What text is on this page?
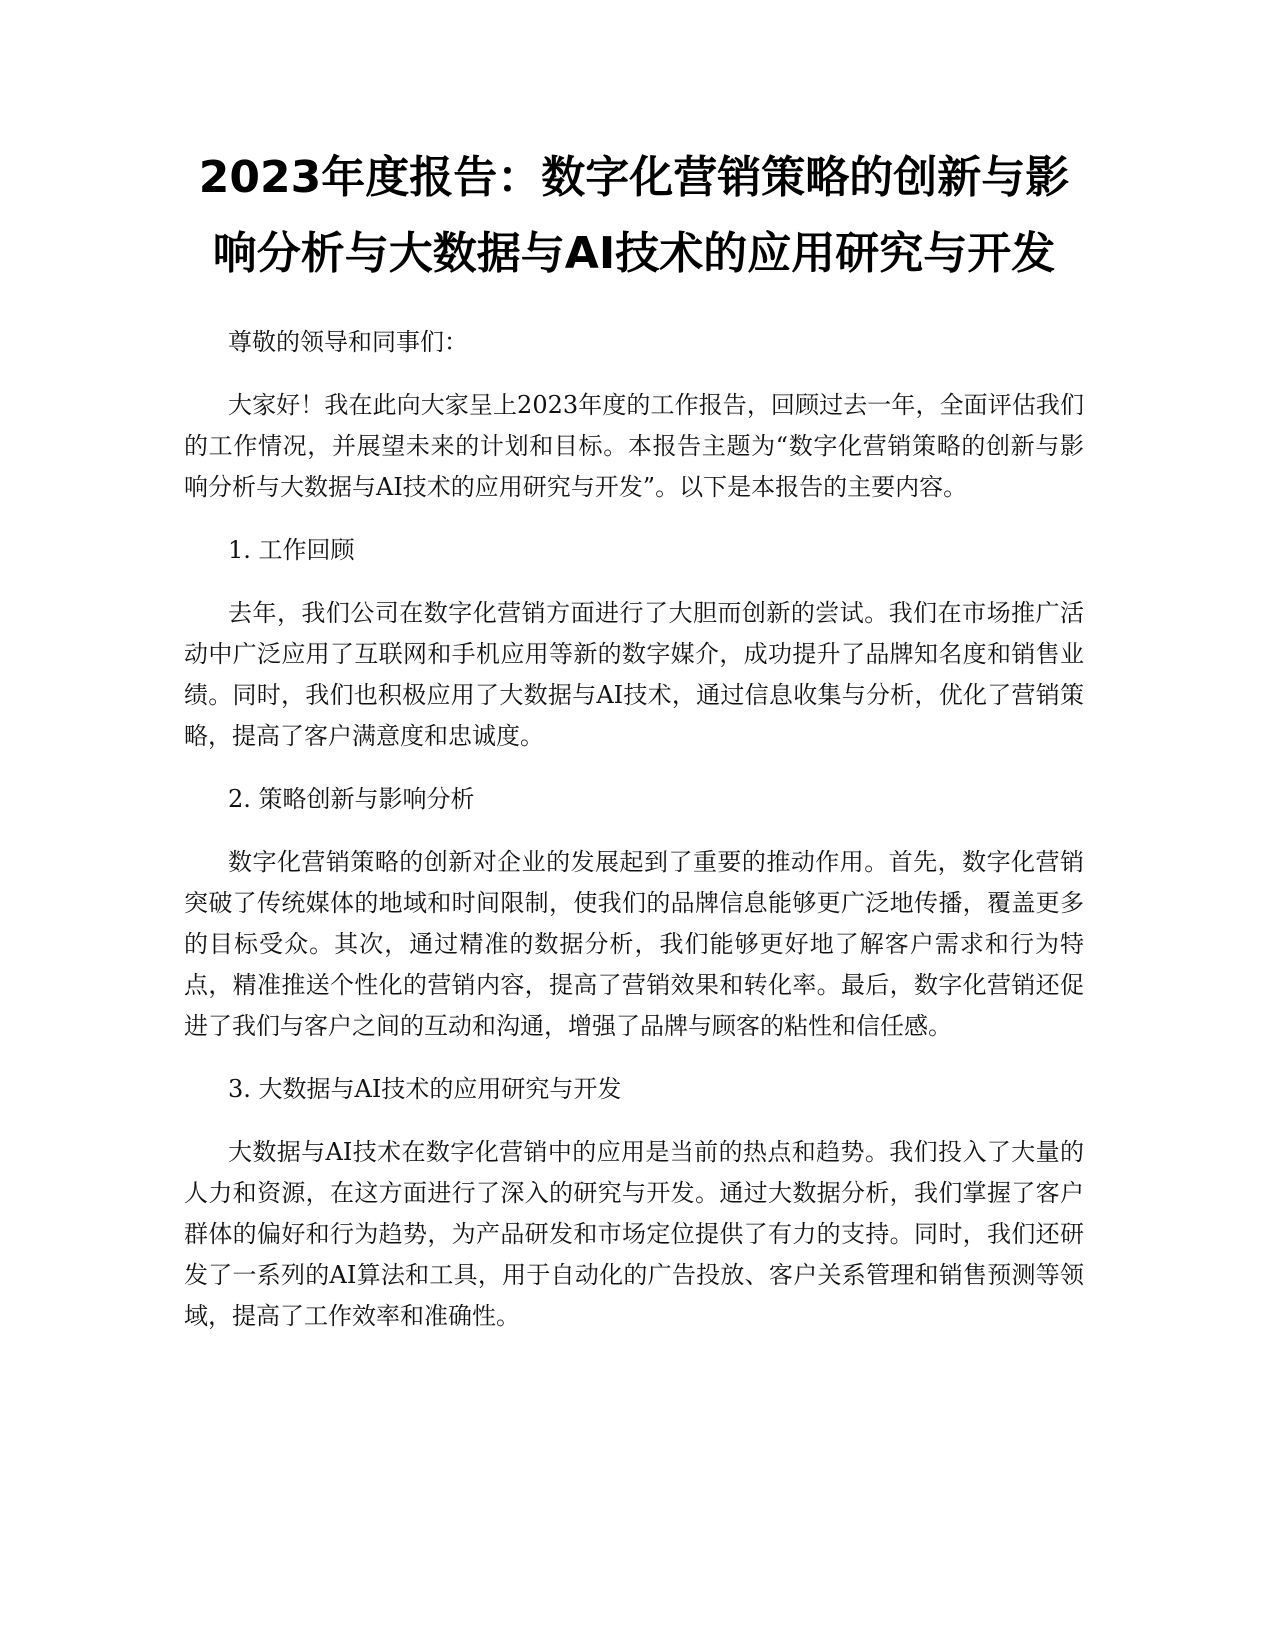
2023年度报告：数字化营销策略的创新与影响分析与大数据与AI技术的应用研究与开发

尊敬的领导和同事们：

大家好！我在此向大家呈上2023年度的工作报告，回顾过去一年，全面评估我们的工作情况，并展望未来的计划和目标。本报告主题为“数字化营销策略的创新与影响分析与大数据与AI技术的应用研究与开发”。以下是本报告的主要内容。

1. 工作回顾

去年，我们公司在数字化营销方面进行了大胆而创新的尝试。我们在市场推广活动中广泛应用了互联网和手机应用等新的数字媒介，成功提升了品牌知名度和销售业绩。同时，我们也积极应用了大数据与AI技术，通过信息收集与分析，优化了营销策略，提高了客户满意度和忠诚度。

2. 策略创新与影响分析

数字化营销策略的创新对企业的发展起到了重要的推动作用。首先，数字化营销突破了传统媒体的地域和时间限制，使我们的品牌信息能够更广泛地传播，覆盖更多的目标受众。其次，通过精准的数据分析，我们能够更好地了解客户需求和行为特点，精准推送个性化的营销内容，提高了营销效果和转化率。最后，数字化营销还促进了我们与客户之间的互动和沟通，增强了品牌与顾客的粘性和信任感。

3. 大数据与AI技术的应用研究与开发

大数据与AI技术在数字化营销中的应用是当前的热点和趋势。我们投入了大量的人力和资源，在这方面进行了深入的研究与开发。通过大数据分析，我们掌握了客户群体的偏好和行为趋势，为产品研发和市场定位提供了有力的支持。同时，我们还研发了一系列的AI算法和工具，用于自动化的广告投放、客户关系管理和销售预测等领域，提高了工作效率和准确性。
